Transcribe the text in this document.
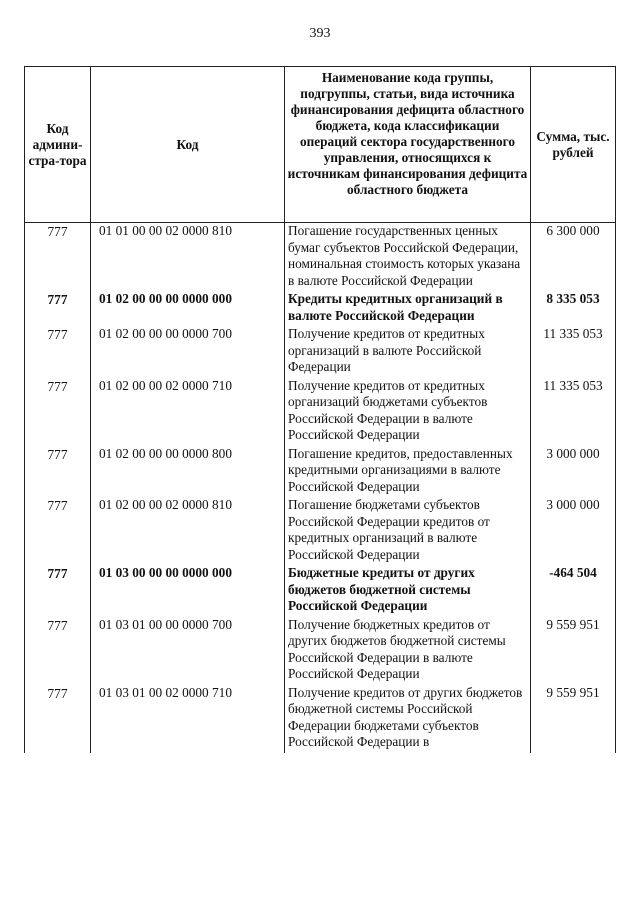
393
Код админи-стра-тора	Код	Наименование кода группы, подгруппы, статьи, вида источника финансирования дефицита областного бюджета, кода классификации операций сектора государственного управления, относящихся к источникам финансирования дефицита областного бюджета	Сумма, тыс. рублей
777	01 01 00 00 02 0000 810	Погашение государственных ценных бумаг субъектов Российской Федерации, номинальная стоимость которых указана в валюте Российской Федерации	6 300 000
777	01 02 00 00 00 0000 000	Кредиты кредитных организаций в валюте Российской Федерации	8 335 053
777	01 02 00 00 00 0000 700	Получение кредитов от кредитных организаций в валюте Российской Федерации	11 335 053
777	01 02 00 00 02 0000 710	Получение кредитов от кредитных организаций бюджетами субъектов Российской Федерации в валюте Российской Федерации	11 335 053
777	01 02 00 00 00 0000 800	Погашение кредитов, предоставленных кредитными организациями в валюте Российской Федерации	3 000 000
777	01 02 00 00 02 0000 810	Погашение бюджетами субъектов Российской Федерации кредитов от кредитных организаций в валюте Российской Федерации	3 000 000
777	01 03 00 00 00 0000 000	Бюджетные кредиты от других бюджетов бюджетной системы Российской Федерации	-464 504
777	01 03 01 00 00 0000 700	Получение бюджетных кредитов от других бюджетов бюджетной системы Российской Федерации в валюте Российской Федерации	9 559 951
777	01 03 01 00 02 0000 710	Получение кредитов от других бюджетов бюджетной системы Российской Федерации бюджетами субъектов Российской Федерации в	9 559 951
